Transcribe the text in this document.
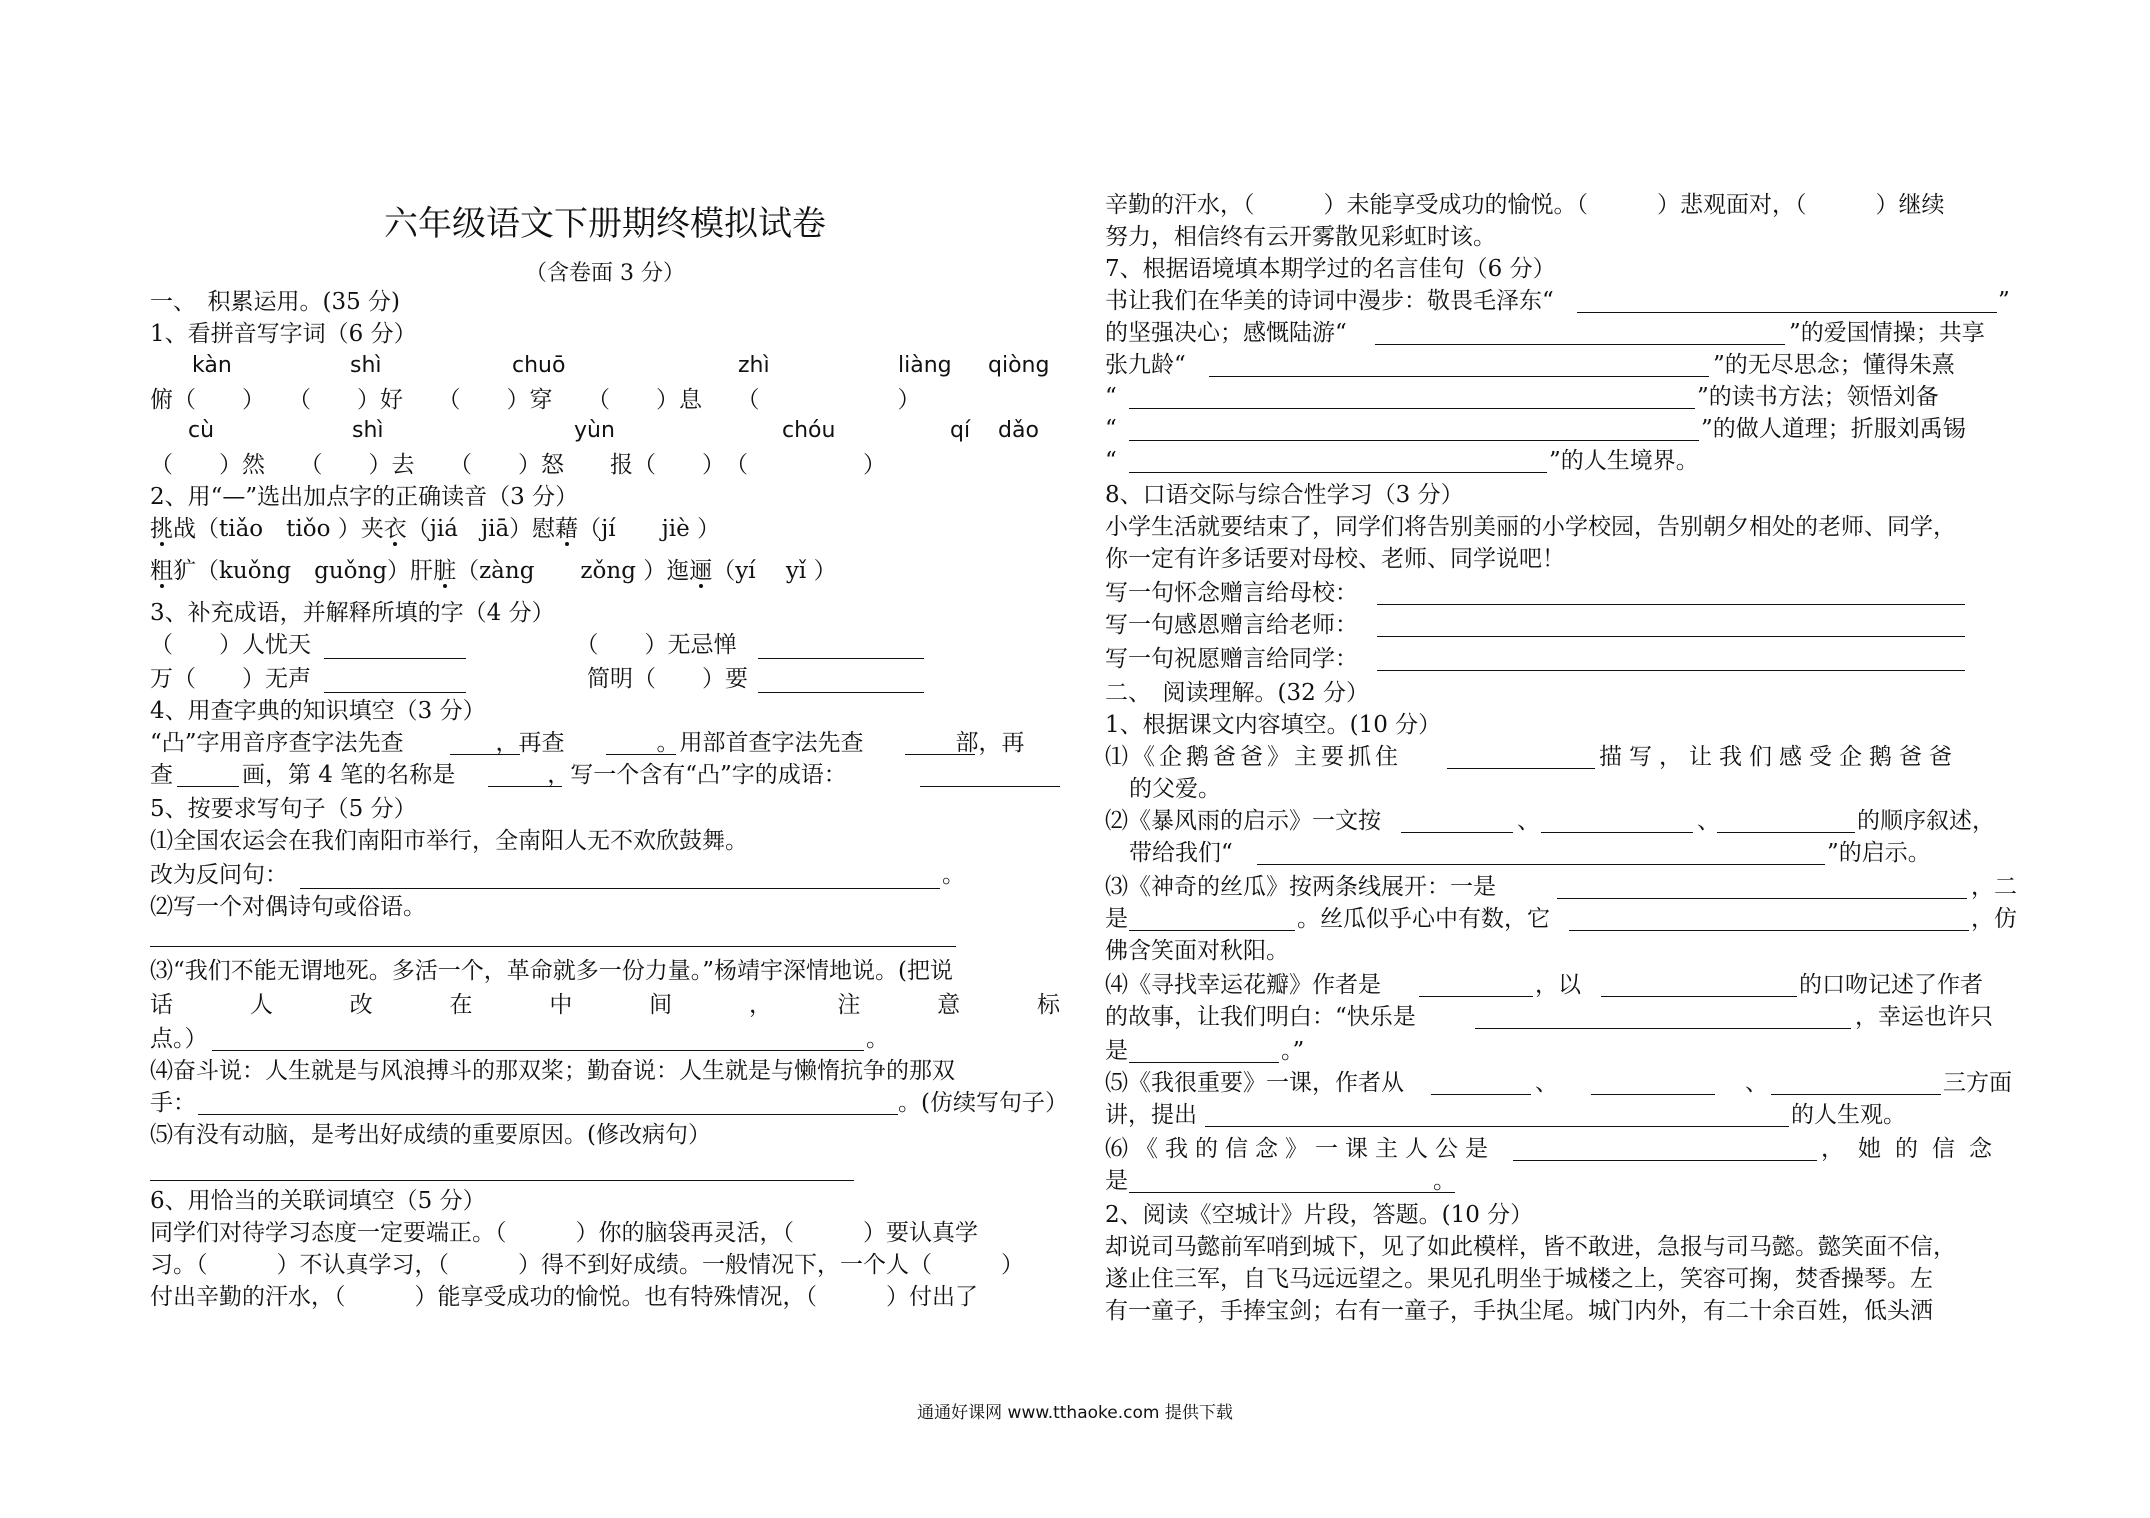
六年级语文下册期终模拟试卷
（含卷面 3 分）
一、　积累运用。(35 分)
1、看拼音写字词（6 分）
kàn	shì	chuō	zhì	liàng qiòng
俯（　　）　　（　　）好　　（　　）穿　　（　　）息　　（　　　　　　）
cù	shì	yùn	chóu	qí dǎo
（　　）然　　（　　）去　　（　　）怒　　报（　　）　（　　　　　）
2、用“—”选出加点字的正确读音（3 分）
挑战（tiǎo　tiǒo ）夹衣（jiá　jiā）慰藉（jí　　jiè ）
粗犷（kuǒng　guǒng）肝脏（zàng　　zǒng ）迤逦（yí　 yǐ ）
3、补充成语，并解释所填的字（4 分）
（　　）人忧天　　　　　　　　　　　　（　　）无忌惮
万（　　）无声　　　　　　　　　　　　简明（　　）要
4、用查字典的知识填空（3 分）
“凸”字用音序查字法先查　　　　，再查　　　　。用部首查字法先查　　　　部，再
查　　　画，第 4 笔的名称是　　　　，写一个含有“凸”字的成语：
5、按要求写句子（5 分）
⑴全国农运会在我们南阳市举行，全南阳人无不欢欣鼓舞。
改为反问句：	。
⑵写一个对偶诗句或俗语。
⑶“我们不能无谓地死。多活一个，革命就多一份力量。”杨靖宇深情地说。(把说
话　人　改　在　中　间　，　注　意　标
点。）	。
⑷奋斗说：人生就是与风浪搏斗的那双桨；勤奋说：人生就是与懒惰抗争的那双
手：	。(仿续写句子）
⑸有没有动脑，是考出好成绩的重要原因。(修改病句）
6、用恰当的关联词填空（5 分）
同学们对待学习态度一定要端正。（　　　）你的脑袋再灵活，（　　　）要认真学
习。（　　　）不认真学习，（　　　）得不到好成绩。一般情况下，一个人（　　　）
付出辛勤的汗水，（　　　）能享受成功的愉悦。也有特殊情况，（　　　）付出了
辛勤的汗水，（　　　）未能享受成功的愉悦。（　　　）悲观面对，（　　　）继续
努力，相信终有云开雾散见彩虹时该。
7、根据语境填本期学过的名言佳句（6 分）
书让我们在华美的诗词中漫步：敬畏毛泽东“	”
的坚强决心；感慨陆游“	”的爱国情操；共享
张九龄“	”的无尽思念；懂得朱熹
“	”的读书方法；领悟刘备
“	”的做人道理；折服刘禹锡
“	”的人生境界。
8、口语交际与综合性学习（3 分）
小学生活就要结束了，同学们将告别美丽的小学校园，告别朝夕相处的老师、同学，
你一定有许多话要对母校、老师、同学说吧！
写一句怀念赠言给母校：
写一句感恩赠言给老师：
写一句祝愿赠言给同学：
二、　阅读理解。(32 分）
1、根据课文内容填空。(10 分）
⑴《企鹅爸爸》主要抓住	描写，让我们感受企鹅爸爸
的父爱。
⑵《暴风雨的启示》一文按	、	、	的顺序叙述，
带给我们“	”的启示。
⑶《神奇的丝瓜》按两条线展开：一是	，二
是	。丝瓜似乎心中有数，它	，仿
佛含笑面对秋阳。
⑷《寻找幸运花瓣》作者是	，以	的口吻记述了作者
的故事，让我们明白：“快乐是	，幸运也许只
是	。”
⑸《我很重要》一课，作者从	、	、	三方面
讲，提出	的人生观。
⑹《我的信念》一课主人公是	，她的信念
是	。
2、阅读《空城计》片段，答题。(10 分）
却说司马懿前军哨到城下，见了如此模样，皆不敢进，急报与司马懿。懿笑面不信，
遂止住三军，自飞马远远望之。果见孔明坐于城楼之上，笑容可掬，焚香操琴。左
有一童子，手捧宝剑；右有一童子，手执尘尾。城门内外，有二十余百姓，低头洒
通通好课网 www.tthaoke.com 提供下载
